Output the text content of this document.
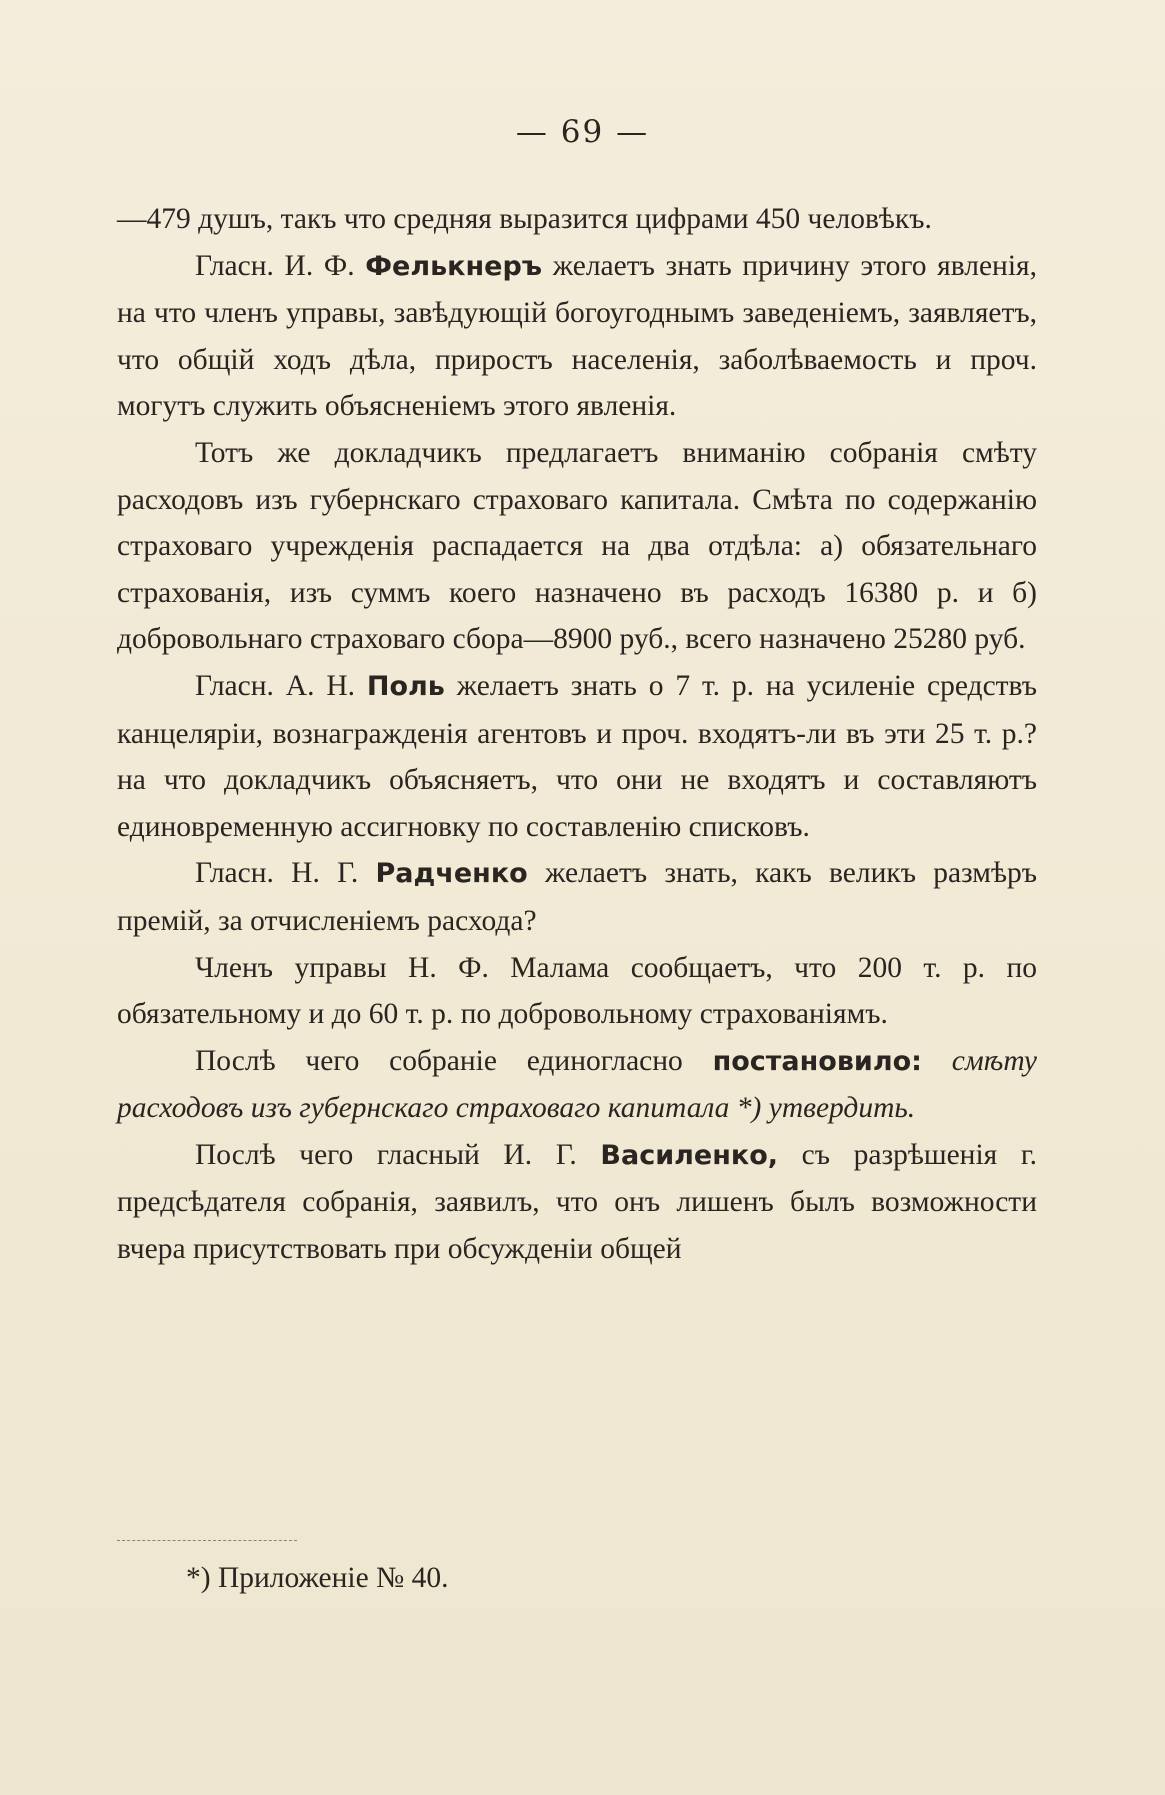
— 69 —

—479 душъ, такъ что средняя выразится цифрами 450 человѣкъ.

Гласн. И. Ф. Фелькнеръ желаетъ знать причину этого явленія, на что членъ управы, завѣдующій богоугоднымъ заведеніемъ, заявляетъ, что общій ходъ дѣла, приростъ населенія, заболѣваемость и проч. могутъ служить объясненіемъ этого явленія.

Тотъ же докладчикъ предлагаетъ вниманію собранія смѣту расходовъ изъ губернскаго страховаго капитала. Смѣта по содержанію страховаго учрежденія распадается на два отдѣла: а) обязательнаго страхованія, изъ суммъ коего назначено въ расходъ 16380 р. и б) добровольнаго страховаго сбора—8900 руб., всего назначено 25280 руб.

Гласн. А. Н. Поль желаетъ знать о 7 т. р. на усиленіе средствъ канцеляріи, вознагражденія агентовъ и проч. входятъ-ли въ эти 25 т. р.? на что докладчикъ объясняетъ, что они не входятъ и составляютъ единовременную ассигновку по составленію списковъ.

Гласн. Н. Г. Радченко желаетъ знать, какъ великъ размѣръ премій, за отчисленіемъ расхода?

Членъ управы Н. Ф. Малама сообщаетъ, что 200 т. р. по обязательному и до 60 т. р. по добровольному страхованіямъ.

Послѣ чего собраніе единогласно постановило: смѣту расходовъ изъ губернскаго страховаго капитала *) утвердить.

Послѣ чего гласный И. Г. Василенко, съ разрѣшенія г. предсѣдателя собранія, заявилъ, что онъ лишенъ былъ возможности вчера присутствовать при обсужденіи общей

*) Приложеніе № 40.
